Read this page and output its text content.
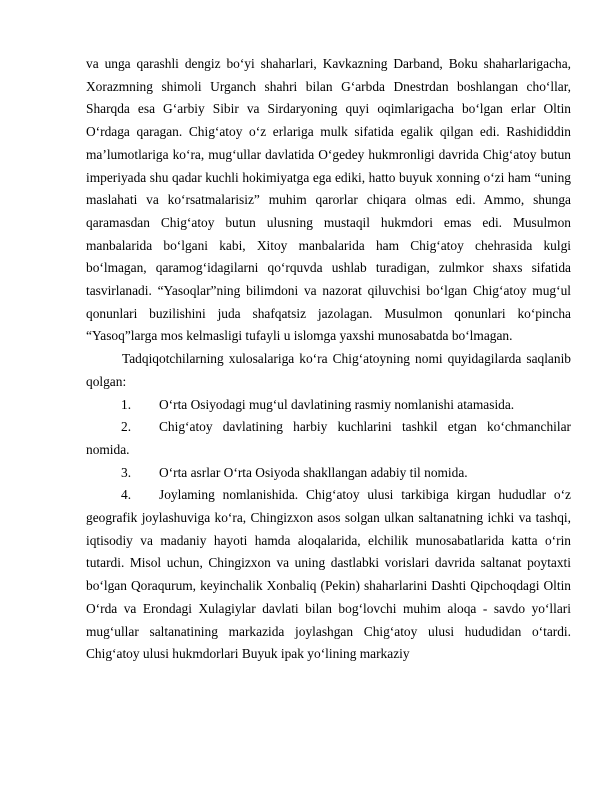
va unga qarashli dengiz bo‘yi shaharlari, Kavkazning Darband, Boku shaharlarigacha, Xorazmning shimoli Urganch shahri bilan G‘arbda Dnestrdan boshlangan cho‘llar, Sharqda esa G‘arbiy Sibir va Sirdaryoning quyi oqimlarigacha bo‘lgan erlar Oltin O‘rdaga qaragan. Chig‘atoy o‘z erlariga mulk sifatida egalik qilgan edi. Rashididdin ma’lumotlariga ko‘ra, mug‘ullar davlatida O‘gedey hukmronligi davrida Chig‘atoy butun imperiyada shu qadar kuchli hokimiyatga ega ediki, hatto buyuk xonning o‘zi ham “uning maslahati va ko‘rsatmalarisiz” muhim qarorlar chiqara olmas edi. Ammo, shunga qaramasdan Chig‘atoy butun ulusning mustaqil hukmdori emas edi. Musulmon manbalarida bo‘lgani kabi, Xitoy manbalarida ham Chig‘atoy chehrasida kulgi bo‘lmagan, qaramog‘idagilarni qo‘rquvda ushlab turadigan, zulmkor shaxs sifatida tasvirlanadi. “Yasoqlar”ning bilimdoni va nazorat qiluvchisi bo‘lgan Chig‘atoy mug‘ul qonunlari buzilishini juda shafqatsiz jazolagan. Musulmon qonunlari ko‘pincha “Yasoq”larga mos kelmasligi tufayli u islomga yaxshi munosabatda bo‘lmagan.

Tadqiqotchilarning xulosalariga ko‘ra Chig‘atoyning nomi quyidagilarda saqlanib qolgan:

1. O‘rta Osiyodagi mug‘ul davlatining rasmiy nomlanishi atamasida.

2. Chig‘atoy davlatining harbiy kuchlarini tashkil etgan ko‘chmanchilar nomida.

3. O‘rta asrlar O‘rta Osiyoda shakllangan adabiy til nomida.

4. Joylaming nomlanishida. Chig‘atoy ulusi tarkibiga kirgan hududlar o‘z geografik joylashuviga ko‘ra, Chingizxon asos solgan ulkan saltanatning ichki va tashqi, iqtisodiy va madaniy hayoti hamda aloqalarida, elchilik munosabatlarida katta o‘rin tutardi. Misol uchun, Chingizxon va uning dastlabki vorislari davrida saltanat poytaxti bo‘lgan Qoraqurum, keyinchalik Xonbaliq (Pekin) shaharlarini Dashti Qipchoqdagi Oltin O‘rda va Erondagi Xulagiylar davlati bilan bog‘lovchi muhim aloqa - savdo yo‘llari mug‘ullar saltanatining markazida joylashgan Chig‘atoy ulusi hududidan o‘tardi. Chig‘atoy ulusi hukmdorlari Buyuk ipak yo‘lining markaziy
